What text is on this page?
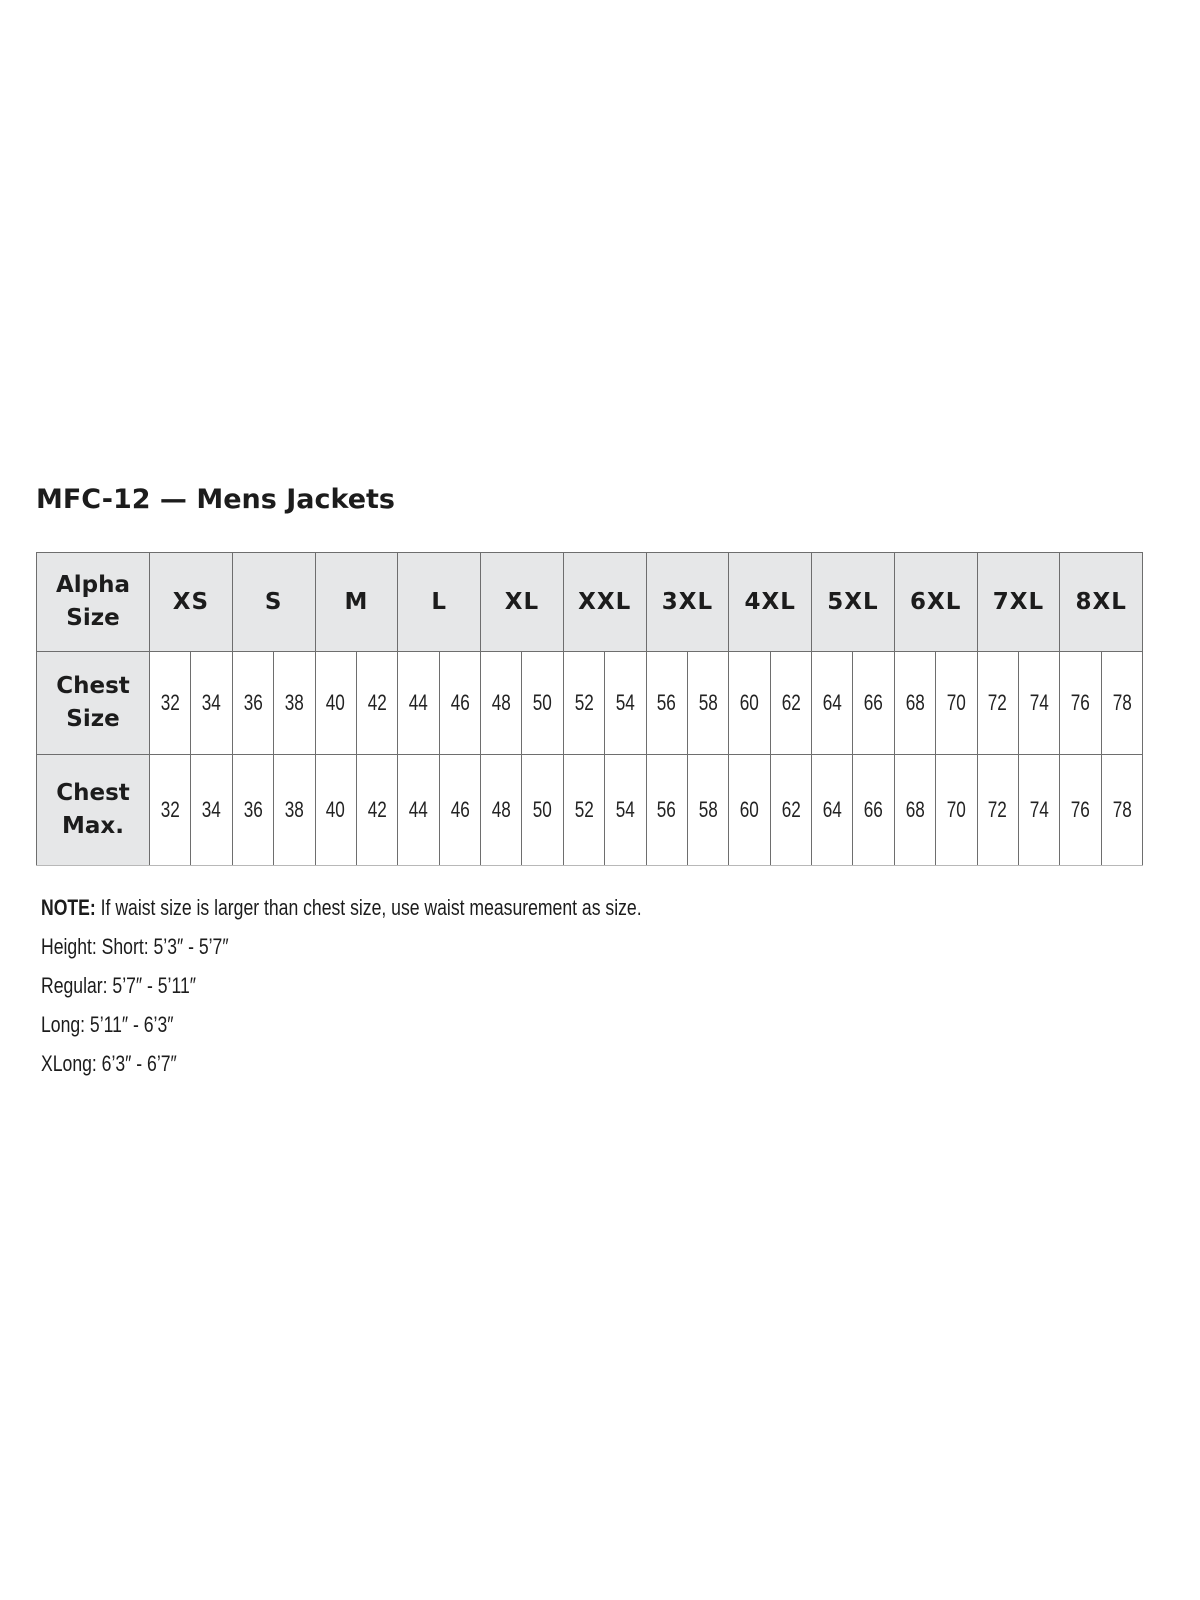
MFC-12 — Mens Jackets
Alpha
Size	XS		S		M		L		XL		XXL		3XL		4XL		5XL		6XL		7XL		8XL	

Chest
Size	32	34	36	38	40	42	44	46	48	50	52	54	56	58	60	62	64	66	68	70	72	74	76	78

Chest
Max.	32	34	36	38	40	42	44	46	48	50	52	54	56	58	60	62	64	66	68	70	72	74	76	78
NOTE: If waist size is larger than chest size, use waist measurement as size.
Height: Short: 5’3″ - 5’7″
Regular: 5’7″ - 5’11″
Long: 5’11″ - 6’3″
XLong: 6’3″ - 6’7″
